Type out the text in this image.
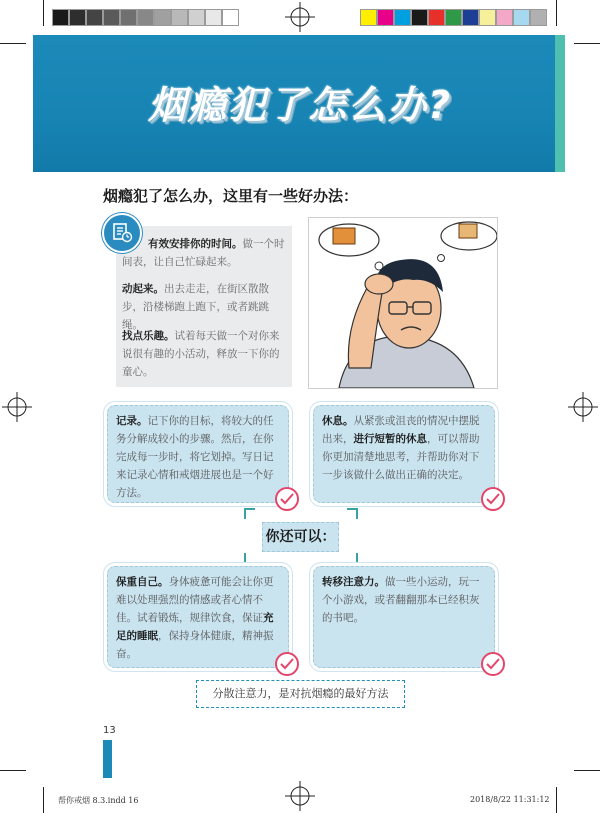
烟瘾犯了怎么办?
烟瘾犯了怎么办，这里有一些好办法：
有效安排你的时间。做一个时间表，让自己忙碌起来。
动起来。出去走走，在街区散散步，沿楼梯跑上跑下，或者跳跳绳。
找点乐趣。试着每天做一个对你来说很有趣的小活动，释放一下你的童心。
记录。记下你的目标，将较大的任务分解成较小的步骤。然后，在你完成每一步时，将它划掉。写日记来记录心情和戒烟进展也是一个好方法。
休息。从紧张或沮丧的情况中摆脱出来，进行短暂的休息，可以帮助你更加清楚地思考，并帮助你对下一步该做什么做出正确的决定。
你还可以：
保重自己。身体疲惫可能会让你更难以处理强烈的情感或者心情不佳。试着锻炼，规律饮食，保证充足的睡眠，保持身体健康，精神振奋。
转移注意力。做一些小运动，玩一个小游戏，或者翻翻那本已经积灰的书吧。
分散注意力，是对抗烟瘾的最好方法
13
帮你戒烟 8.3.indd 16	2018/8/22 11:31:12
